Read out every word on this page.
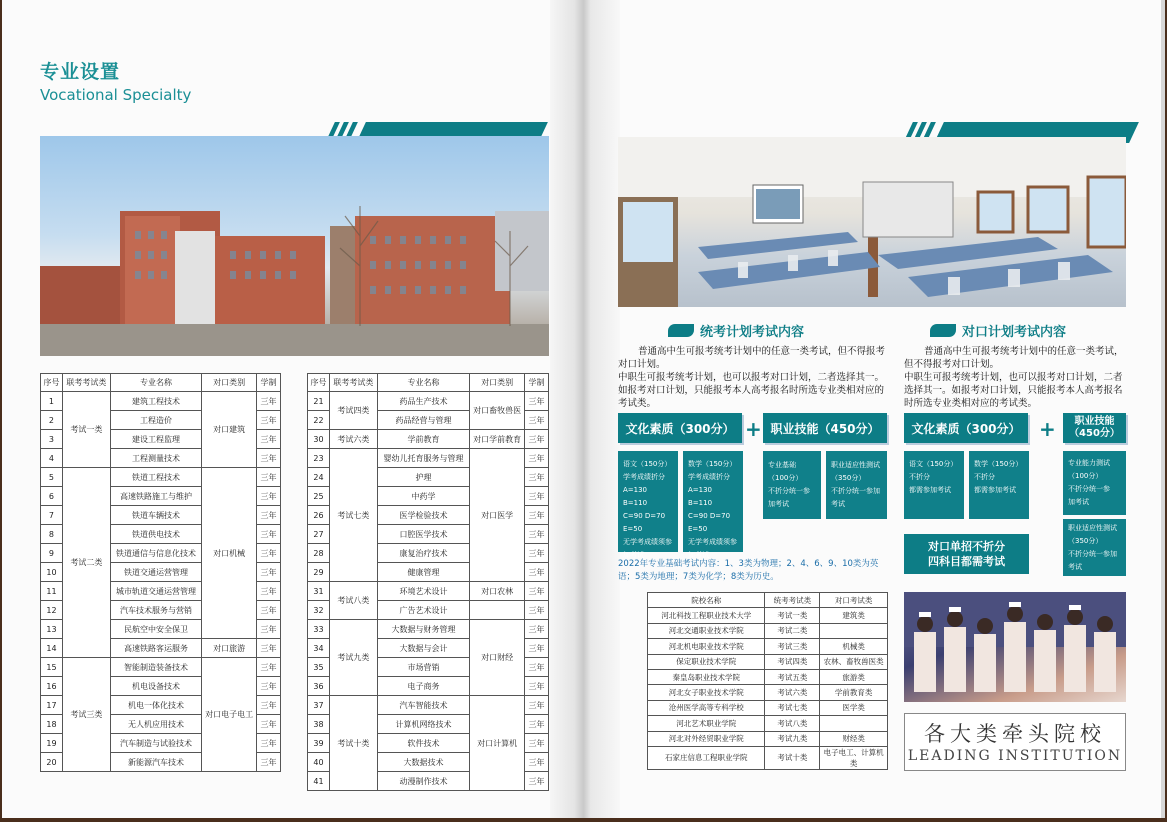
专业设置
Vocational Specialty
序号	联考考试类	专业名称	对口类别	学制
1	考试一类	建筑工程技术	对口建筑	三年
2		工程造价		三年
3		建设工程监理		三年
4		工程测量技术		三年
5	考试二类	铁道工程技术	对口机械	三年
6		高速铁路施工与维护		三年
7		铁道车辆技术		三年
8		铁道供电技术		三年
9		铁道通信与信息化技术		三年
10		铁道交通运营管理		三年
11		城市轨道交通运营管理		三年
12		汽车技术服务与营销		三年
13		民航空中安全保卫		三年
14		高速铁路客运服务	对口旅游	三年
15	考试三类	智能制造装备技术	对口电子电工	三年
16		机电设备技术		三年
17		机电一体化技术		三年
18		无人机应用技术		三年
19		汽车制造与试验技术		三年
20		新能源汽车技术		三年
序号	联考考试类	专业名称	对口类别	学制
21	考试四类	药品生产技术	对口畜牧兽医	三年
22		药品经营与管理		三年
30	考试六类	学前教育	对口学前教育	三年
23	考试七类	婴幼儿托育服务与管理	对口医学	三年
24		护理		三年
25		中药学		三年
26		医学检验技术		三年
27		口腔医学技术		三年
28		康复治疗技术		三年
29		健康管理		三年
31	考试八类	环境艺术设计	对口农林	三年
32		广告艺术设计		三年
33	考试九类	大数据与财务管理	对口财经	三年
34		大数据与会计		三年
35		市场营销		三年
36		电子商务		三年
37	考试十类	汽车智能技术	对口计算机	三年
38		计算机网络技术		三年
39		软件技术		三年
40		大数据技术		三年
41		动漫制作技术		三年
统考计划考试内容
普通高中生可报考统考计划中的任意一类考试，但不得报考对口计划。
中职生可报考统考计划，也可以报考对口计划，二者选择其一。如报考对口计划，只能报考本人高考报名时所选专业类相对应的考试类。
文化素质（300分） + 职业技能（450分）
语文（150分）
学考成绩折分
A=130 B=110
C=90 D=70
E=50
无学考成绩须参
加考试
数学（150分）
学考成绩折分
A=130 B=110
C=90 D=70
E=50
无学考成绩须参
加考试
专业基础
（100分）
不折分统一参
加考试
职业适应性测试
（350分）
不折分统一参加
考试
2022年专业基础考试内容：1、3类为物理；2、4、6、9、10类为英语；5类为地理；7类为化学；8类为历史。
对口计划考试内容
普通高中生可报考统考计划中的任意一类考试，但不得报考对口计划。
中职生可报考统考计划，也可以报考对口计划，二者选择其一。如报考对口计划，只能报考本人高考报名时所选专业类相对应的考试类。
文化素质（300分） + 职业技能
（450分）
语文（150分）
不折分
都需参加考试
数学（150分）
不折分
都需参加考试
专业能力测试
（100分）
不折分统一参
加考试
职业适应性测试
（350分）
不折分统一参加
考试
对口单招不折分
四科目都需考试
院校名称	统考考试类	对口考试类
河北科技工程职业技术大学	考试一类	建筑类
河北交通职业技术学院	考试二类	
河北机电职业技术学院	考试三类	机械类
保定职业技术学院	考试四类	农林、畜牧兽医类
秦皇岛职业技术学院	考试五类	旅游类
河北女子职业技术学院	考试六类	学前教育类
沧州医学高等专科学校	考试七类	医学类
河北艺术职业学院	考试八类	
河北对外经贸职业学院	考试九类	财经类
石家庄信息工程职业学院	考试十类	电子电工、计算机类
各大类牵头院校
LEADING INSTITUTION
